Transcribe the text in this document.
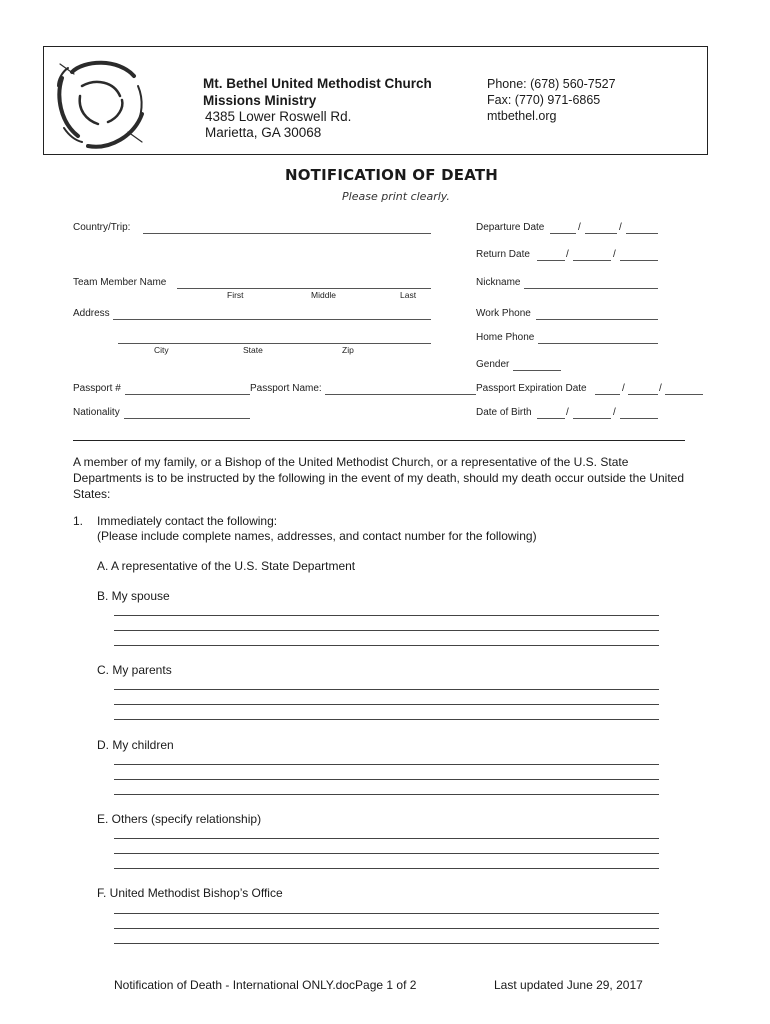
Mt. Bethel United Methodist Church
Missions Ministry
4385 Lower Roswell Rd.
Marietta, GA 30068
Phone: (678) 560-7527
Fax: (770) 971-6865
mtbethel.org
NOTIFICATION OF DEATH
Please print clearly.
Country/Trip:	Departure Date	/	/
Return Date	/	/
Team Member Name
First	Middle	Last
Nickname
Address	Work Phone
City	State	Zip
Home Phone
Gender
Passport #	Passport Name:	Passport Expiration Date	/	/
Nationality	Date of Birth	/	/
A member of my family, or a Bishop of the United Methodist Church, or a representative of the U.S. State Departments is to be instructed by the following in the event of my death, should my death occur outside the United States:
1. Immediately contact the following:
(Please include complete names, addresses, and contact number for the following)
A. A representative of the U.S. State Department
B. My spouse
C. My parents
D. My children
E. Others (specify relationship)
F. United Methodist Bishop’s Office
Notification of Death - International ONLY.docPage 1 of 2	Last updated June 29, 2017
